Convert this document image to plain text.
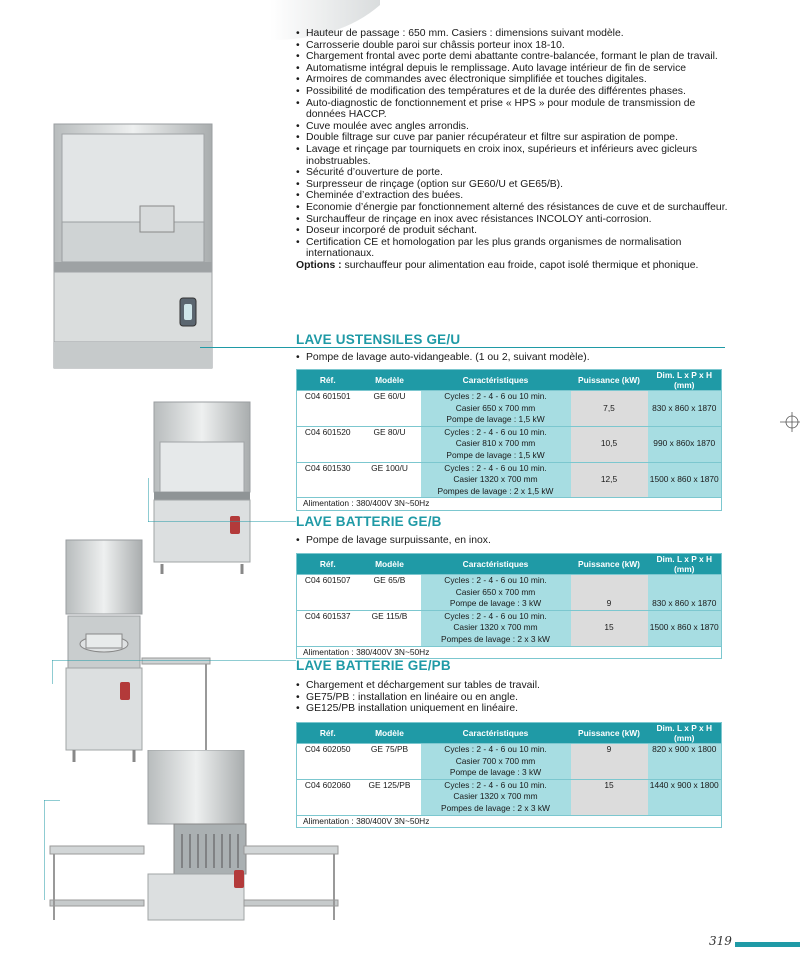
• Hauteur de passage : 650 mm. Casiers : dimensions suivant modèle.
• Carrosserie double paroi sur châssis porteur inox 18-10.
• Chargement frontal avec porte demi abattante contre-balancée, formant le plan de travail.
• Automatisme intégral depuis le remplissage. Auto lavage intérieur de fin de service
• Armoires de commandes avec électronique simplifiée et touches digitales.
• Possibilité de modification des températures et de la durée des différentes phases.
• Auto-diagnostic de fonctionnement et prise « HPS » pour module de transmission de données HACCP.
• Cuve moulée avec angles arrondis.
• Double filtrage sur cuve par panier récupérateur et filtre sur aspiration de pompe.
• Lavage et rinçage par tourniquets en croix inox, supérieurs et inférieurs avec gicleurs inobstruables.
• Sécurité d’ouverture de porte.
• Surpresseur de rinçage (option sur GE60/U et GE65/B).
• Cheminée d’extraction des buées.
• Economie d’énergie par fonctionnement alterné des résistances de cuve et de surchauffeur.
• Surchauffeur de rinçage en inox avec résistances INCOLOY anti-corrosion.
• Doseur incorporé de produit séchant.
• Certification CE et homologation par les plus grands organismes de normalisation internationaux.
Options : surchauffeur pour alimentation eau froide, capot isolé thermique et phonique.
LAVE USTENSILES GE/U
• Pompe de lavage auto-vidangeable. (1 ou 2, suivant modèle).
Réf.	Modèle	Caractéristiques	Puissance (kW)	Dim. L x P x H (mm)
C04 601501	GE 60/U	Cycles : 2 - 4 - 6 ou 10 min.		
		Casier 650 x 700 mm	7,5	830 x 860 x 1870
		Pompe de lavage : 1,5 kW		
C04 601520	GE 80/U	Cycles : 2 - 4 - 6 ou 10 min.		
		Casier 810 x 700 mm	10,5	990 x 860x 1870
		Pompe de lavage : 1,5 kW		
C04 601530	GE 100/U	Cycles : 2 - 4 - 6 ou 10 min.		
		Casier 1320 x 700 mm	12,5	1500 x 860 x 1870
		Pompes de lavage : 2 x 1,5 kW		
Alimentation : 380/400V 3N~50Hz				
LAVE BATTERIE GE/B
• Pompe de lavage surpuissante, en inox.
Réf.	Modèle	Caractéristiques	Puissance (kW)	Dim. L x P x H (mm)
C04 601507	GE 65/B	Cycles : 2 - 4 - 6 ou 10 min.		
		Casier 650 x 700 mm		
		Pompe de lavage : 3 kW	9	830 x 860 x 1870
C04 601537	GE 115/B	Cycles : 2 - 4 - 6 ou 10 min.		
		Casier 1320 x 700 mm	15	1500 x 860 x 1870
		Pompes de lavage : 2 x 3 kW		
Alimentation : 380/400V 3N~50Hz				
LAVE BATTERIE GE/PB
• Chargement et déchargement sur tables de travail.
• GE75/PB : installation en linéaire ou en angle.
• GE125/PB installation uniquement en linéaire.
Réf.	Modèle	Caractéristiques	Puissance (kW)	Dim. L x P x H (mm)
C04 602050	GE 75/PB	Cycles : 2 - 4 - 6 ou 10 min.	9	820 x 900 x 1800
		Casier 700 x 700 mm		
		Pompe de lavage : 3 kW		
C04 602060	GE 125/PB	Cycles : 2 - 4 - 6 ou 10 min.	15	1440 x 900 x 1800
		Casier 1320 x 700 mm		
		Pompes de lavage : 2 x 3 kW		
Alimentation : 380/400V 3N~50Hz				
319
